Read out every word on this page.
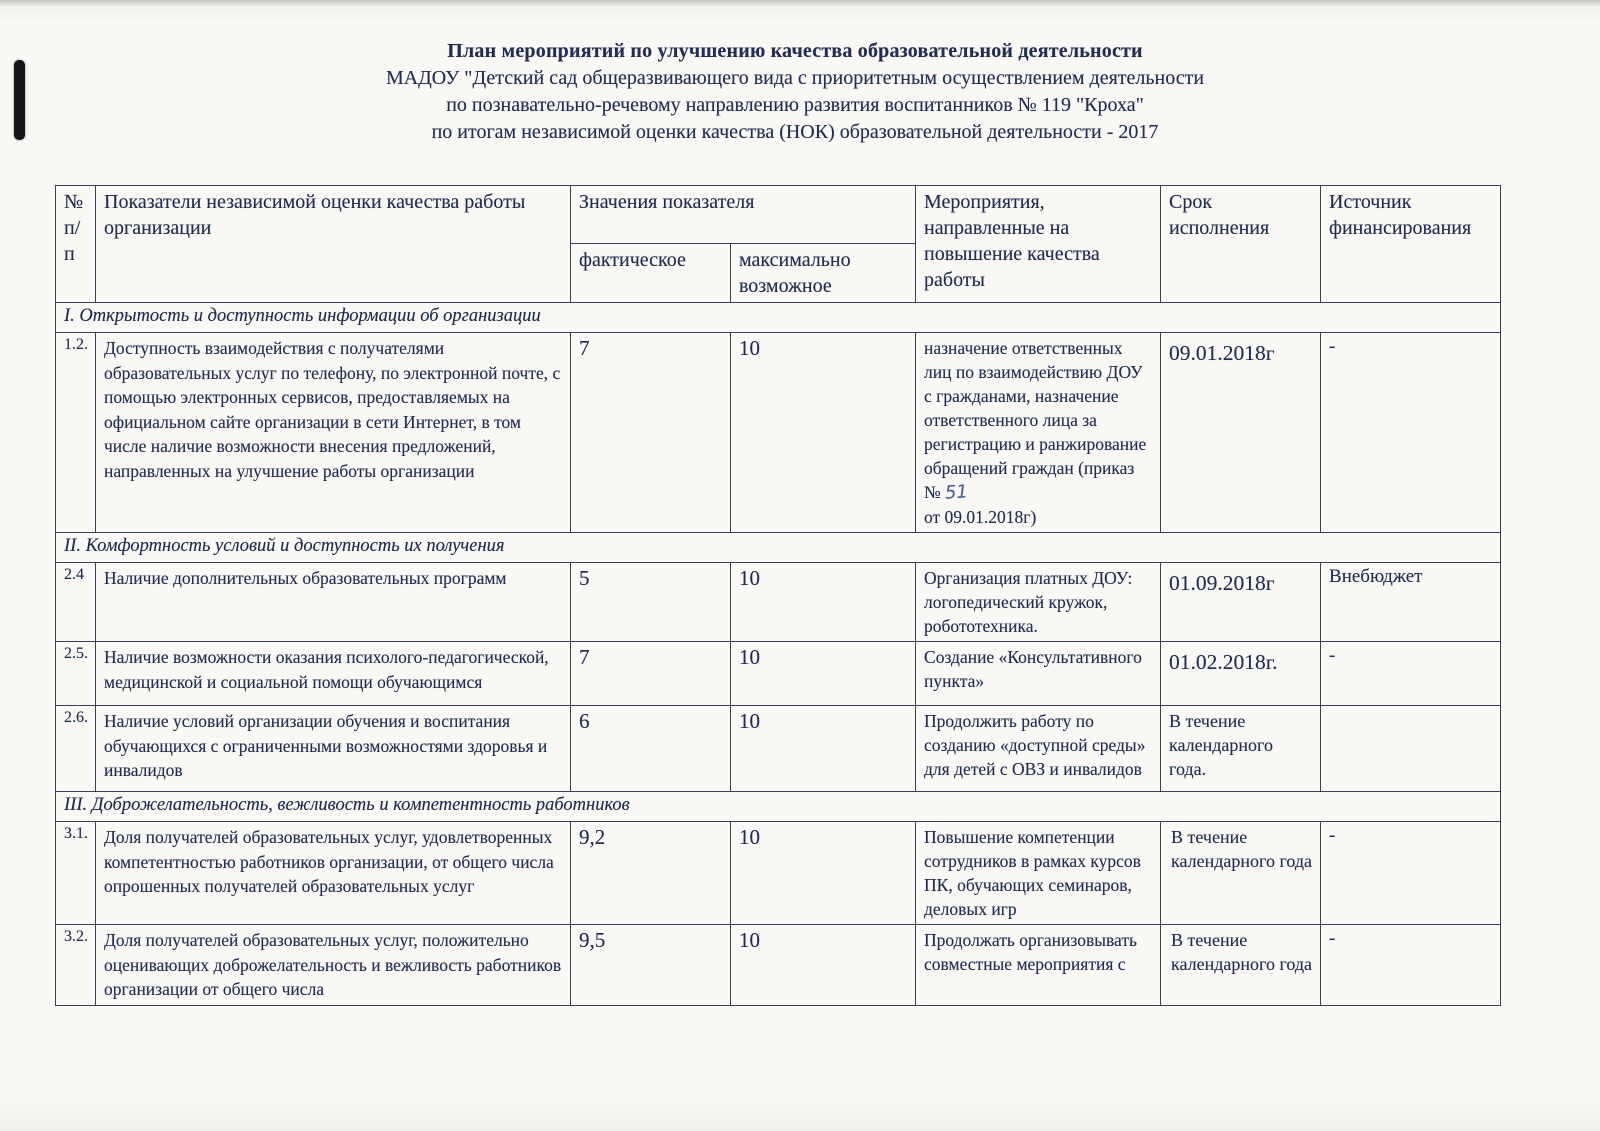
План мероприятий по улучшению качества образовательной деятельности
МАДОУ "Детский сад общеразвивающего вида с приоритетным осуществлением деятельности
по познавательно-речевому направлению развития воспитанников № 119 "Кроха"
по итогам независимой оценки качества (НОК) образовательной деятельности - 2017
№ п/п	Показатели независимой оценки качества работы организации	Значения показателя		Мероприятия, направленные на повышение качества работы	Срок исполнения	Источник финансирования
		фактическое	максимально возможное			
I. Открытость и доступность информации об организации						
1.2.	Доступность взаимодействия с получателями образовательных услуг по телефону, по электронной почте, с помощью электронных сервисов, предоставляемых на официальном сайте организации в сети Интернет, в том числе наличие возможности внесения предложений, направленных на улучшение работы организации	7	10	назначение ответственных лиц по взаимодействию ДОУ с гражданами, назначение ответственного лица за регистрацию и ранжирование обращений граждан (приказ № 51
от 09.01.2018г)	09.01.2018г	-
II. Комфортность условий и доступность их получения						
2.4	Наличие дополнительных образовательных программ	5	10	Организация платных ДОУ: логопедический кружок, робототехника.	01.09.2018г	Внебюджет
2.5.	Наличие возможности оказания психолого-педагогической, медицинской и социальной помощи обучающимся	7	10	Создание «Консультативного пункта»	01.02.2018г.	-
2.6.	Наличие условий организации обучения и воспитания обучающихся с ограниченными возможностями здоровья и инвалидов	6	10	Продолжить работу по созданию «доступной среды» для детей с ОВЗ и инвалидов	В течение календарного года.	
III. Доброжелательность, вежливость и компетентность работников						
3.1.	Доля получателей образовательных услуг, удовлетворенных компетентностью работников организации, от общего числа опрошенных получателей образовательных услуг	9,2	10	Повышение компетенции сотрудников в рамках курсов ПК, обучающих семинаров, деловых игр	В течение календарного года	-
3.2.	Доля получателей образовательных услуг, положительно оценивающих доброжелательность и вежливость работников организации от общего числа	9,5	10	Продолжать организовывать совместные мероприятия с	В течение календарного года	-
